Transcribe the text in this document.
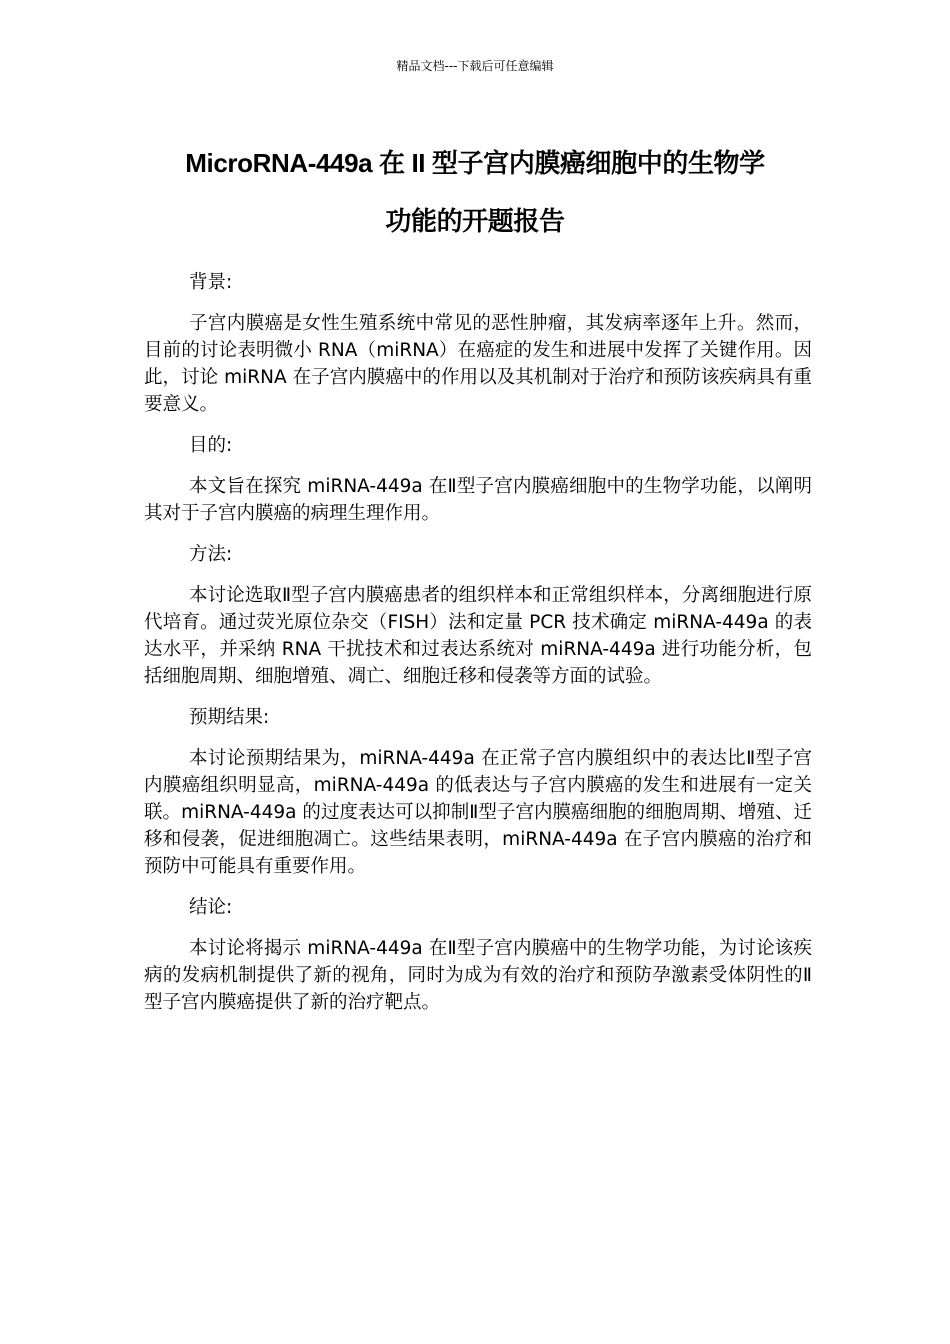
精品文档---下载后可任意编辑
MicroRNA-449a 在 II 型子宫内膜癌细胞中的生物学
功能的开题报告

背景:

子宫内膜癌是女性生殖系统中常见的恶性肿瘤，其发病率逐年上升。然而，目前的讨论表明微小 RNA（miRNA）在癌症的发生和进展中发挥了关键作用。因此，讨论 miRNA 在子宫内膜癌中的作用以及其机制对于治疗和预防该疾病具有重要意义。

目的:

本文旨在探究 miRNA-449a 在Ⅱ型子宫内膜癌细胞中的生物学功能，以阐明其对于子宫内膜癌的病理生理作用。

方法:

本讨论选取Ⅱ型子宫内膜癌患者的组织样本和正常组织样本，分离细胞进行原代培育。通过荧光原位杂交（FISH）法和定量 PCR 技术确定 miRNA-449a 的表达水平，并采纳 RNA 干扰技术和过表达系统对 miRNA-449a 进行功能分析，包括细胞周期、细胞增殖、凋亡、细胞迁移和侵袭等方面的试验。

预期结果:

本讨论预期结果为，miRNA-449a 在正常子宫内膜组织中的表达比Ⅱ型子宫内膜癌组织明显高，miRNA-449a 的低表达与子宫内膜癌的发生和进展有一定关联。miRNA-449a 的过度表达可以抑制Ⅱ型子宫内膜癌细胞的细胞周期、增殖、迁移和侵袭，促进细胞凋亡。这些结果表明，miRNA-449a 在子宫内膜癌的治疗和预防中可能具有重要作用。

结论:

本讨论将揭示 miRNA-449a 在Ⅱ型子宫内膜癌中的生物学功能，为讨论该疾病的发病机制提供了新的视角，同时为成为有效的治疗和预防孕激素受体阴性的Ⅱ型子宫内膜癌提供了新的治疗靶点。
